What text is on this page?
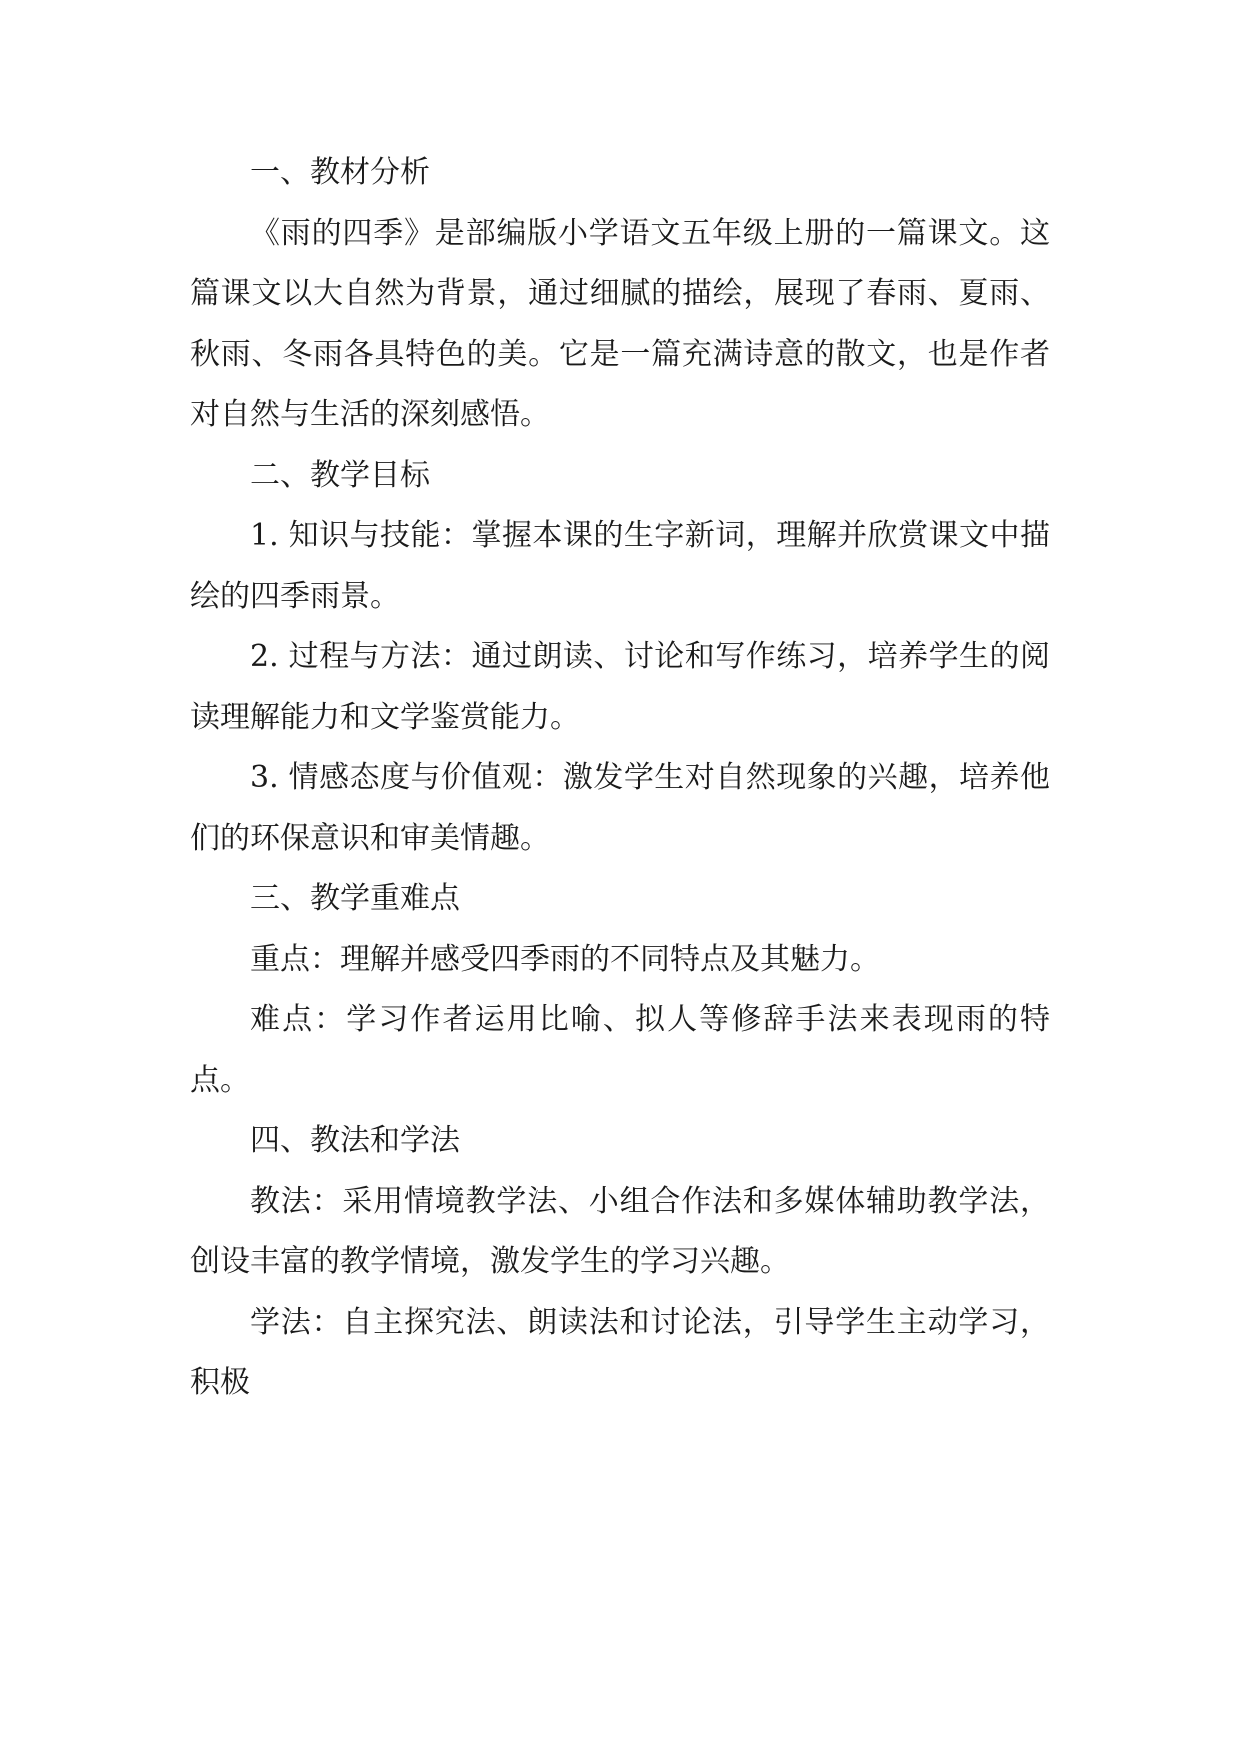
一、教材分析

《雨的四季》是部编版小学语文五年级上册的一篇课文。这篇课文以大自然为背景，通过细腻的描绘，展现了春雨、夏雨、秋雨、冬雨各具特色的美。它是一篇充满诗意的散文，也是作者对自然与生活的深刻感悟。

二、教学目标

1. 知识与技能：掌握本课的生字新词，理解并欣赏课文中描绘的四季雨景。

2. 过程与方法：通过朗读、讨论和写作练习，培养学生的阅读理解能力和文学鉴赏能力。

3. 情感态度与价值观：激发学生对自然现象的兴趣，培养他们的环保意识和审美情趣。

三、教学重难点

重点：理解并感受四季雨的不同特点及其魅力。

难点：学习作者运用比喻、拟人等修辞手法来表现雨的特点。

四、教法和学法

教法：采用情境教学法、小组合作法和多媒体辅助教学法，创设丰富的教学情境，激发学生的学习兴趣。

学法：自主探究法、朗读法和讨论法，引导学生主动学习，积极
